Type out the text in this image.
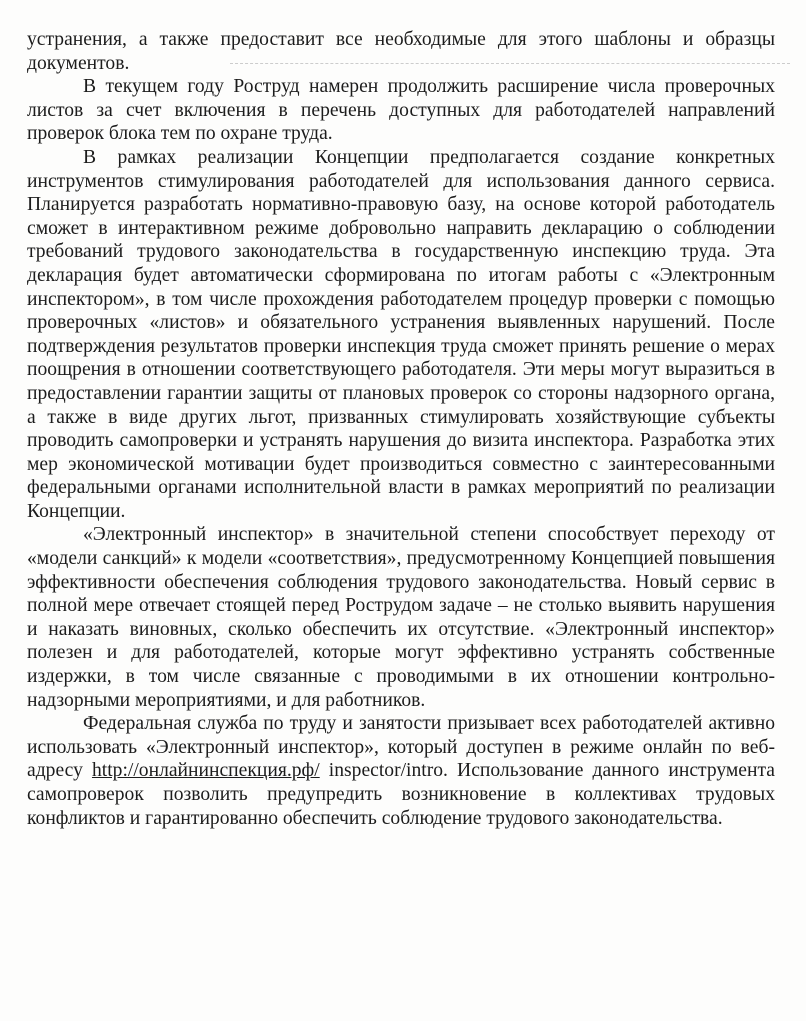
устранения, а также предоставит все необходимые для этого шаблоны и образцы документов.

В текущем году Роструд намерен продолжить расширение числа проверочных листов за счет включения в перечень доступных для работодателей направлений проверок блока тем по охране труда.

В рамках реализации Концепции предполагается создание конкретных инструментов стимулирования работодателей для использования данного сервиса. Планируется разработать нормативно-правовую базу, на основе которой работодатель сможет в интерактивном режиме добровольно направить декларацию о соблюдении требований трудового законодательства в государственную инспекцию труда. Эта декларация будет автоматически сформирована по итогам работы с «Электронным инспектором», в том числе прохождения работодателем процедур проверки с помощью проверочных «листов» и обязательного устранения выявленных нарушений. После подтверждения результатов проверки инспекция труда сможет принять решение о мерах поощрения в отношении соответствующего работодателя. Эти меры могут выразиться в предоставлении гарантии защиты от плановых проверок со стороны надзорного органа, а также в виде других льгот, призванных стимулировать хозяйствующие субъекты проводить самопроверки и устранять нарушения до визита инспектора. Разработка этих мер экономической мотивации будет производиться совместно с заинтересованными федеральными органами исполнительной власти в рамках мероприятий по реализации Концепции.

«Электронный инспектор» в значительной степени способствует переходу от «модели санкций» к модели «соответствия», предусмотренному Концепцией повышения эффективности обеспечения соблюдения трудового законодательства. Новый сервис в полной мере отвечает стоящей перед Рострудом задаче – не столько выявить нарушения и наказать виновных, сколько обеспечить их отсутствие. «Электронный инспектор» полезен и для работодателей, которые могут эффективно устранять собственные издержки, в том числе связанные с проводимыми в их отношении контрольно-надзорными мероприятиями, и для работников.

Федеральная служба по труду и занятости призывает всех работодателей активно использовать «Электронный инспектор», который доступен в режиме онлайн по веб-адресу http://онлайнинспекция.рф/ inspector/intro. Использование данного инструмента самопроверок позволить предупредить возникновение в коллективах трудовых конфликтов и гарантированно обеспечить соблюдение трудового законодательства.
